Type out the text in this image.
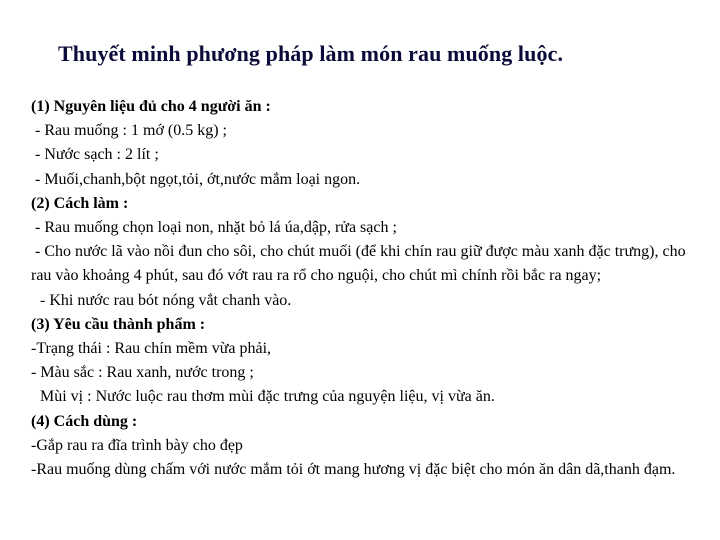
Thuyết minh phương pháp làm món rau muống luộc.
(1) Nguyên liệu đủ cho 4 người ăn :
- Rau muống : 1 mớ (0.5 kg) ;
- Nước sạch : 2 lít ;
- Muối,chanh,bột ngọt,tỏi, ớt,nước mắm loại ngon.
(2) Cách làm :
- Rau muống chọn loại non, nhặt bỏ lá úa,dập, rửa sạch ;
- Cho nước lã vào nồi đun cho sôi, cho chút muối (để khi chín rau giữ được màu xanh đặc trưng), cho rau vào khoảng 4 phút, sau đó vớt rau ra rổ cho nguội, cho chút mì chính rồi bắc ra ngay;
- Khi nước rau bót nóng vắt chanh vào.
(3) Yêu cầu thành phẩm :
-Trạng thái : Rau chín mềm vừa phải,
- Màu sắc : Rau xanh, nước trong ;
Mùi vị : Nước luộc rau thơm mùi đặc trưng của nguyện liệu, vị vừa ăn.
(4) Cách dùng :
-Gắp rau ra đĩa trình bày cho đẹp
-Rau muống dùng chấm với nước mắm tỏi ớt mang hương vị đặc biệt cho món ăn dân dã,thanh đạm.
